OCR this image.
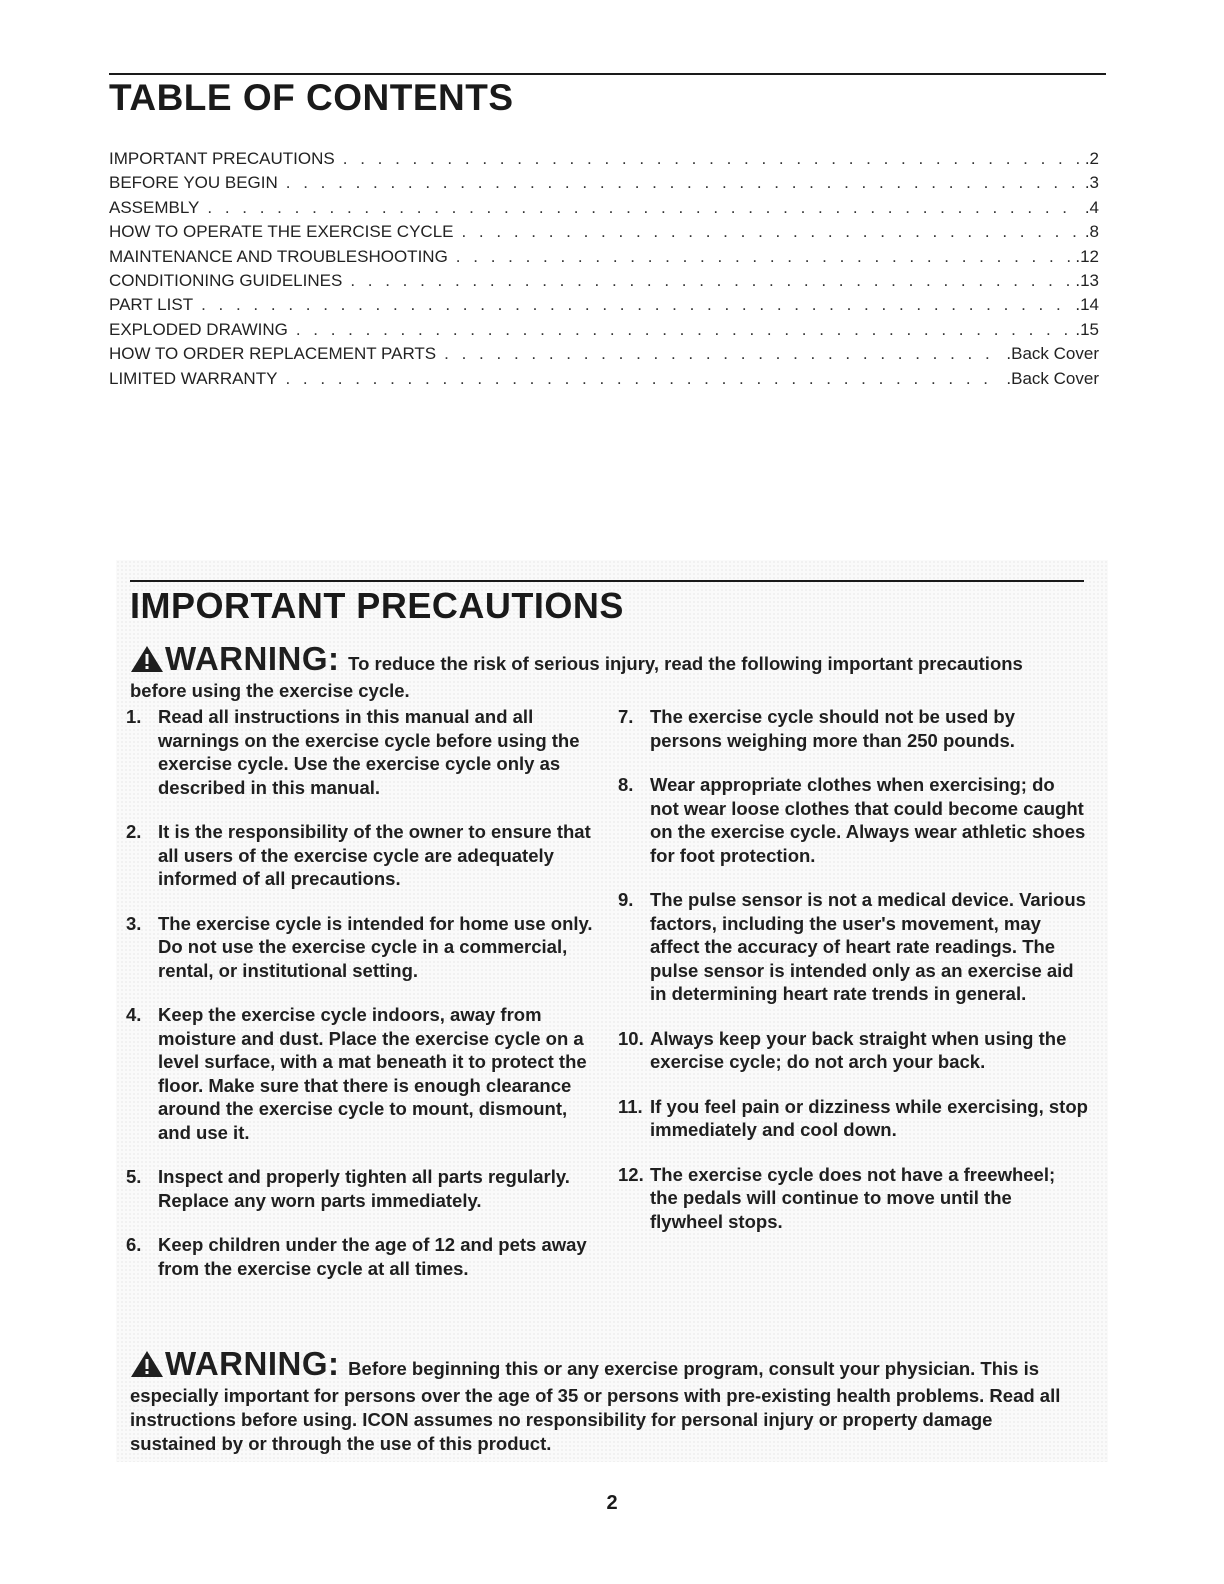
TABLE OF CONTENTS
IMPORTANT PRECAUTIONS . . .	.2
BEFORE YOU BEGIN . . .	.3
ASSEMBLY . . .	.4
HOW TO OPERATE THE EXERCISE CYCLE . . .	.8
MAINTENANCE AND TROUBLESHOOTING . . .	.12
CONDITIONING GUIDELINES . . .	.13
PART LIST . . .	.14
EXPLODED DRAWING . . .	.15
HOW TO ORDER REPLACEMENT PARTS . . .	.Back Cover
LIMITED WARRANTY . . .	.Back Cover
IMPORTANT PRECAUTIONS
WARNING: To reduce the risk of serious injury, read the following important precautions before using the exercise cycle.
1. Read all instructions in this manual and all warnings on the exercise cycle before using the exercise cycle. Use the exercise cycle only as described in this manual.
2. It is the responsibility of the owner to ensure that all users of the exercise cycle are adequately informed of all precautions.
3. The exercise cycle is intended for home use only. Do not use the exercise cycle in a commercial, rental, or institutional setting.
4. Keep the exercise cycle indoors, away from moisture and dust. Place the exercise cycle on a level surface, with a mat beneath it to protect the floor. Make sure that there is enough clearance around the exercise cycle to mount, dismount, and use it.
5. Inspect and properly tighten all parts regularly. Replace any worn parts immediately.
6. Keep children under the age of 12 and pets away from the exercise cycle at all times.
7. The exercise cycle should not be used by persons weighing more than 250 pounds.
8. Wear appropriate clothes when exercising; do not wear loose clothes that could become caught on the exercise cycle. Always wear athletic shoes for foot protection.
9. The pulse sensor is not a medical device. Various factors, including the user's movement, may affect the accuracy of heart rate readings. The pulse sensor is intended only as an exercise aid in determining heart rate trends in general.
10. Always keep your back straight when using the exercise cycle; do not arch your back.
11. If you feel pain or dizziness while exercising, stop immediately and cool down.
12. The exercise cycle does not have a freewheel; the pedals will continue to move until the flywheel stops.
WARNING: Before beginning this or any exercise program, consult your physician. This is especially important for persons over the age of 35 or persons with pre-existing health problems. Read all instructions before using. ICON assumes no responsibility for personal injury or property damage sustained by or through the use of this product.
2
